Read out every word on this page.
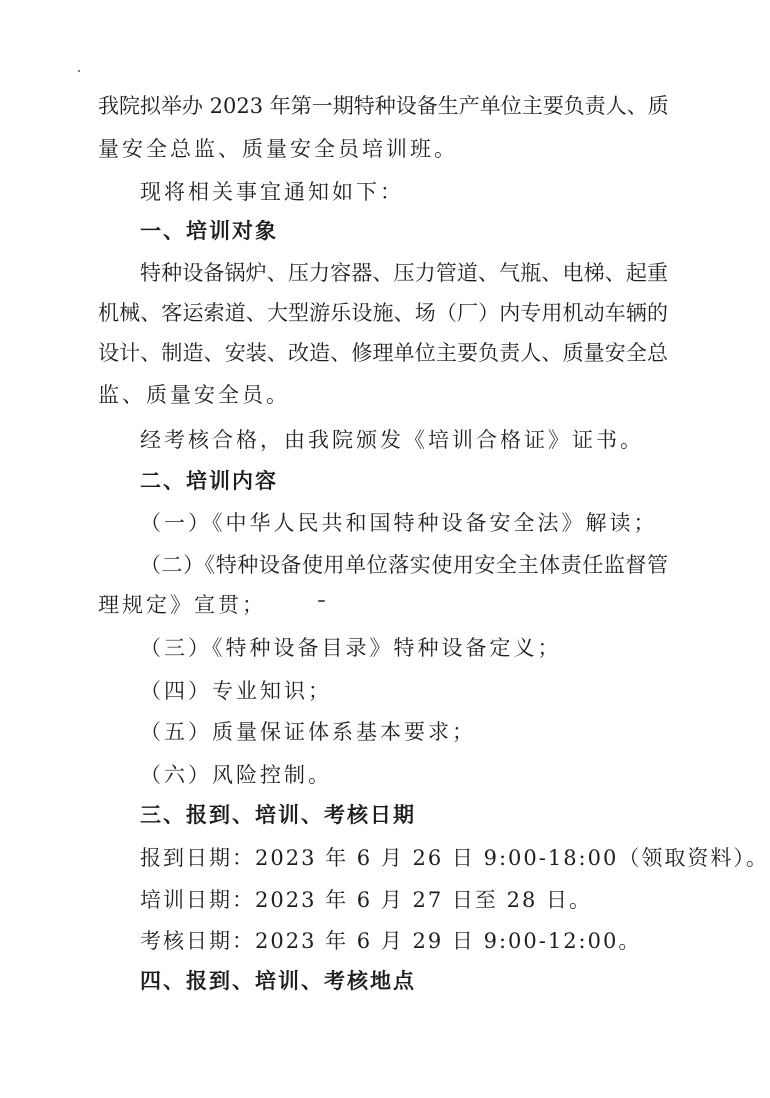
我院拟举办 2023 年第一期特种设备生产单位主要负责人、质
量安全总监、质量安全员培训班。
现将相关事宜通知如下：
一、培训对象
特种设备锅炉、压力容器、压力管道、气瓶、电梯、起重
机械、客运索道、大型游乐设施、场（厂）内专用机动车辆的
设计、制造、安装、改造、修理单位主要负责人、质量安全总
监、质量安全员。
经考核合格，由我院颁发《培训合格证》证书。
二、培训内容
（一）《中华人民共和国特种设备安全法》解读；
（二）《特种设备使用单位落实使用安全主体责任监督管
理规定》宣贯；
（三）《特种设备目录》特种设备定义；
（四）专业知识；
（五）质量保证体系基本要求；
（六）风险控制。
三、报到、培训、考核日期
报到日期：2023 年 6 月 26 日 9:00-18:00（领取资料）。
培训日期：2023 年 6 月 27 日至 28 日。
考核日期：2023 年 6 月 29 日 9:00-12:00。
四、报到、培训、考核地点
